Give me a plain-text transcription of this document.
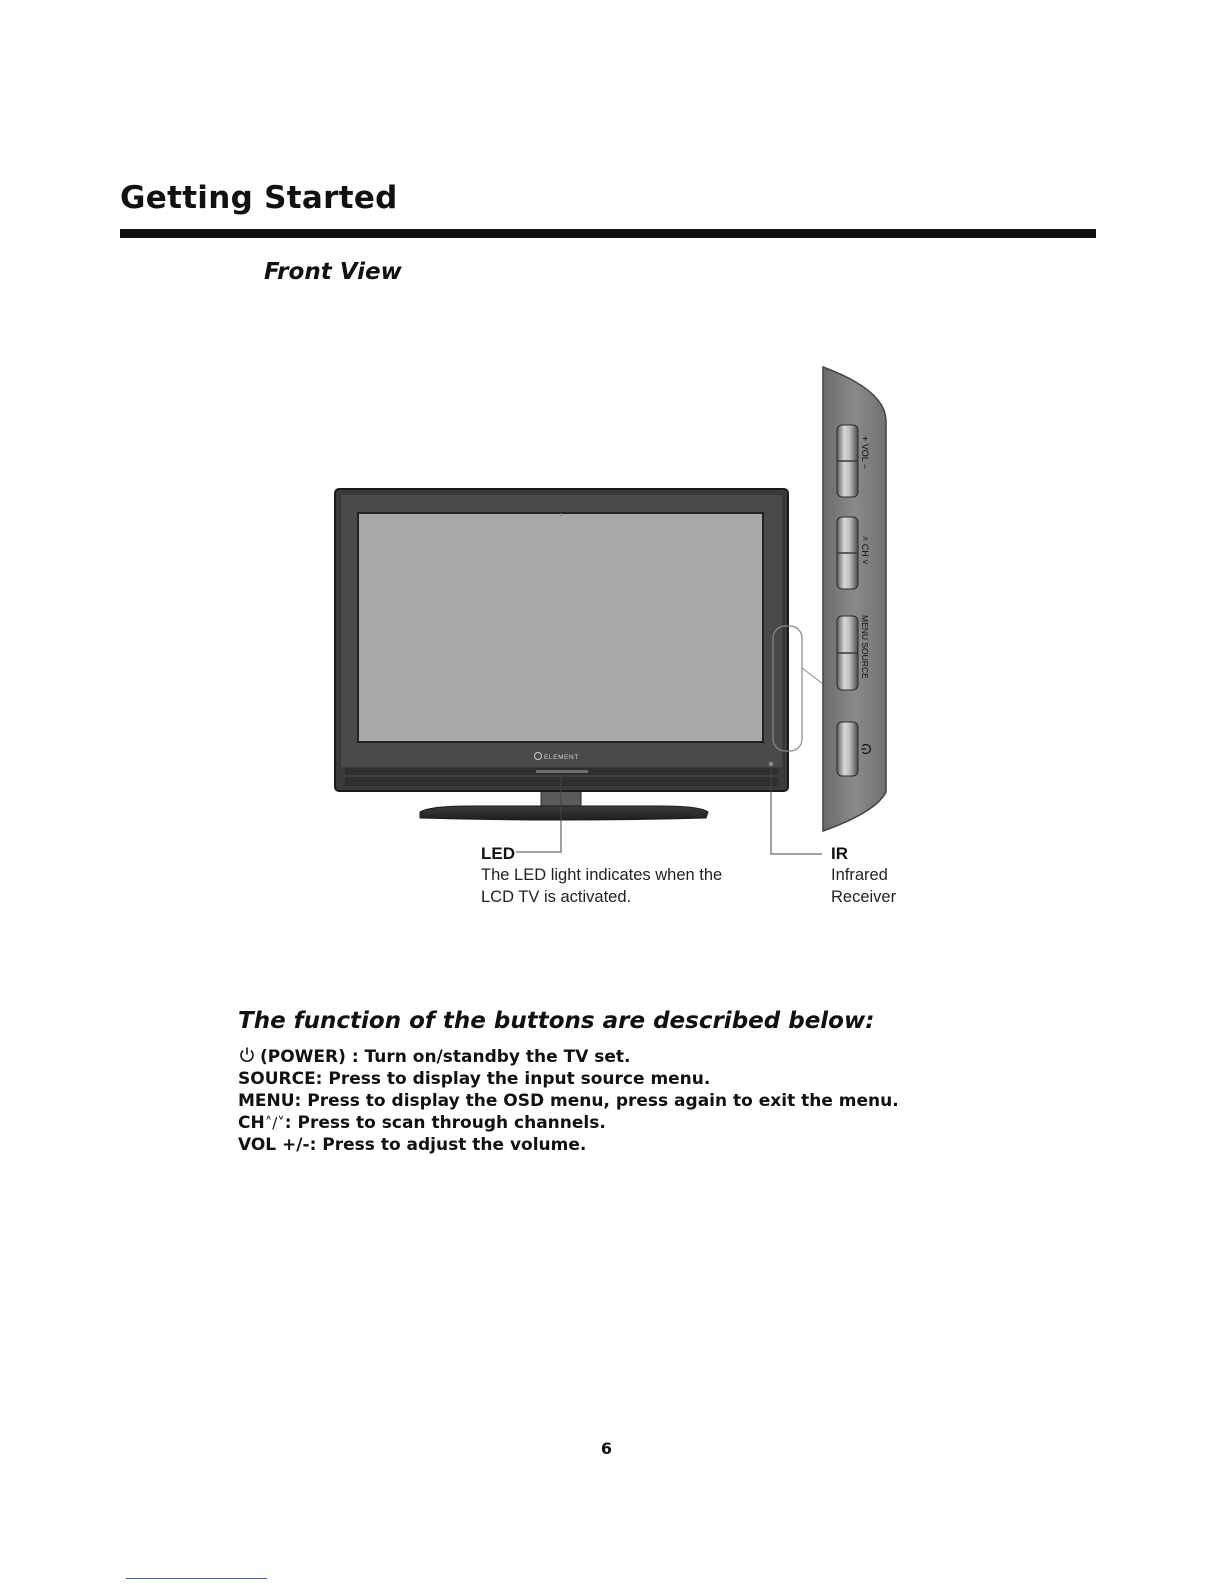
Getting Started
Front View
ELEMENT
+ VOL −
˄ CH ˅
MENU SOURCE
LED
The LED light indicates when the
LCD TV is activated.
IR
Infrared
Receiver
The function of the buttons are described below:
(POWER) : Turn on/standby the TV set.
SOURCE: Press to display the input source menu.
MENU: Press to display the OSD menu, press again to exit the menu.
CH˄/˅: Press to scan through channels.
VOL +/-: Press to adjust the volume.
6
